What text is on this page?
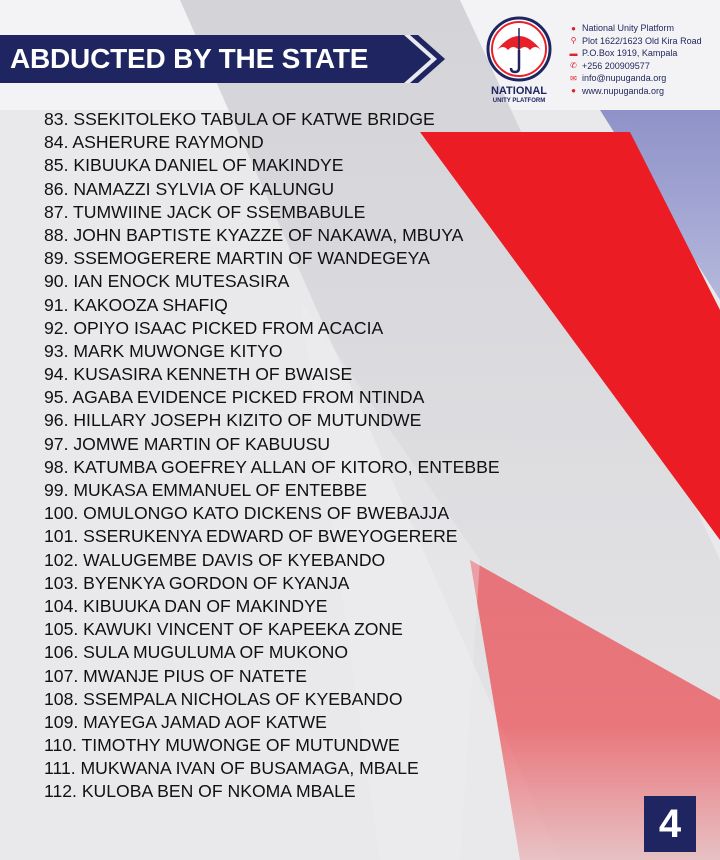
ABDUCTED BY THE STATE
NATIONAL
UNITY PLATFORM
● National Unity Platform
⚲ Plot 1622/1623 Old Kira Road
▬ P.O.Box 1919, Kampala
✆ +256 200909577
✉ info@nupuganda.org
● www.nupuganda.org
83. SSEKITOLEKO TABULA OF KATWE BRIDGE
84. ASHERURE RAYMOND
85. KIBUUKA DANIEL OF MAKINDYE
86. NAMAZZI SYLVIA OF KALUNGU
87. TUMWIINE JACK OF SSEMBABULE
88. JOHN BAPTISTE KYAZZE OF NAKAWA, MBUYA
89. SSEMOGERERE MARTIN OF WANDEGEYA
90. IAN ENOCK MUTESASIRA
91. KAKOOZA SHAFIQ
92. OPIYO ISAAC PICKED FROM ACACIA
93. MARK MUWONGE KITYO
94. KUSASIRA KENNETH OF BWAISE
95. AGABA EVIDENCE PICKED FROM NTINDA
96. HILLARY JOSEPH KIZITO OF MUTUNDWE
97. JOMWE MARTIN OF KABUUSU
98. KATUMBA GOEFREY ALLAN OF KITORO, ENTEBBE
99. MUKASA EMMANUEL OF ENTEBBE
100. OMULONGO KATO DICKENS OF BWEBAJJA
101. SSERUKENYA EDWARD OF BWEYOGERERE
102. WALUGEMBE DAVIS OF KYEBANDO
103. BYENKYA GORDON OF KYANJA
104. KIBUUKA DAN OF MAKINDYE
105. KAWUKI VINCENT OF KAPEEKA ZONE
106. SULA MUGULUMA OF MUKONO
107. MWANJE PIUS OF NATETE
108. SSEMPALA NICHOLAS OF KYEBANDO
109. MAYEGA JAMAD AOF KATWE
110. TIMOTHY MUWONGE OF MUTUNDWE
111. MUKWANA IVAN OF BUSAMAGA, MBALE
112. KULOBA BEN OF NKOMA MBALE
4
